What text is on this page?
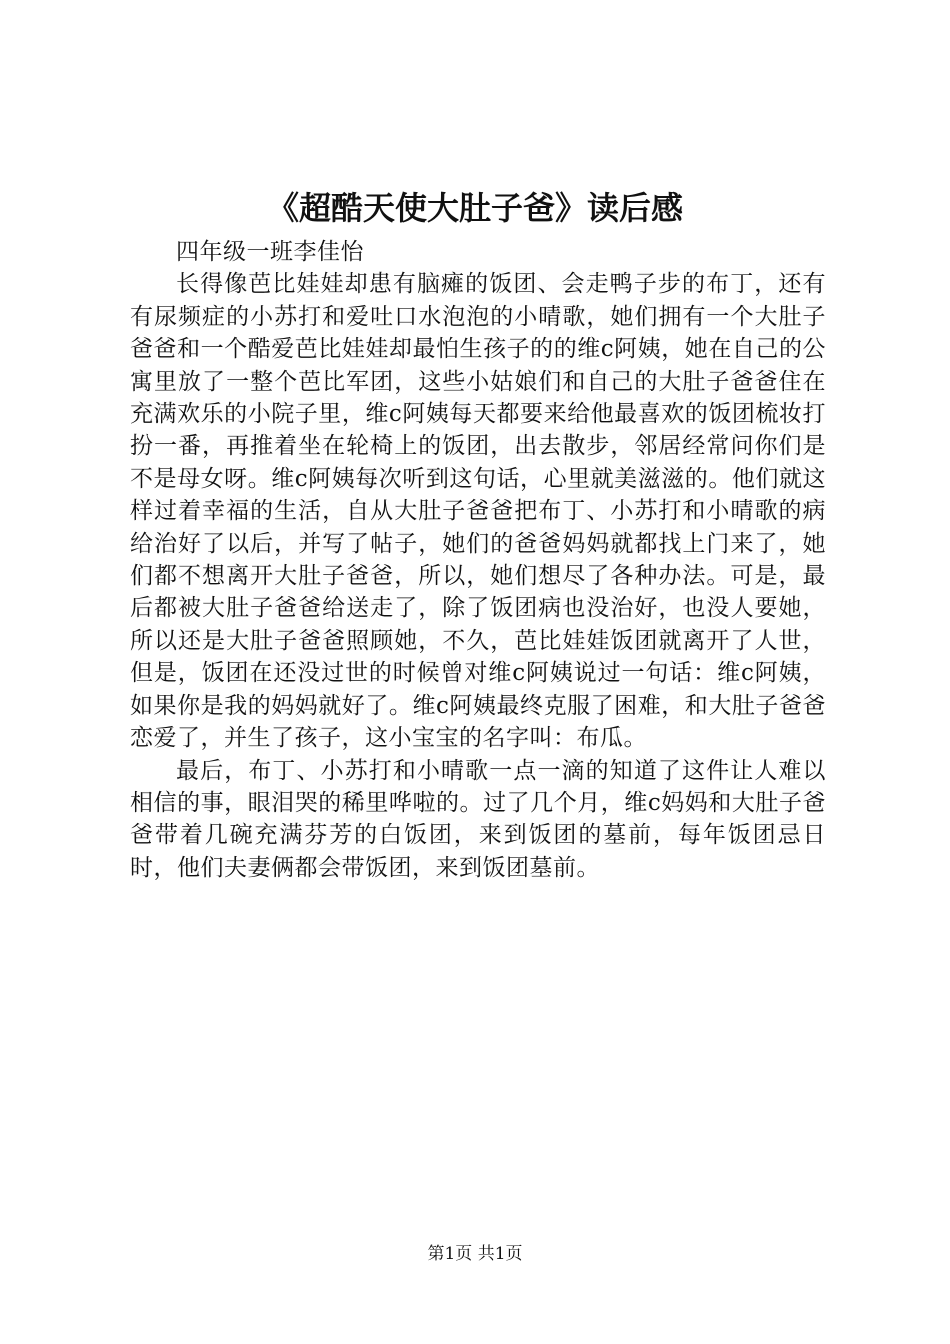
《超酷天使大肚子爸》读后感

四年级一班李佳怡

长得像芭比娃娃却患有脑瘫的饭团、会走鸭子步的布丁，还有有尿频症的小苏打和爱吐口水泡泡的小晴歌，她们拥有一个大肚子爸爸和一个酷爱芭比娃娃却最怕生孩子的的维c阿姨，她在自己的公寓里放了一整个芭比军团，这些小姑娘们和自己的大肚子爸爸住在充满欢乐的小院子里，维c阿姨每天都要来给他最喜欢的饭团梳妆打扮一番，再推着坐在轮椅上的饭团，出去散步，邻居经常问你们是不是母女呀。维c阿姨每次听到这句话，心里就美滋滋的。他们就这样过着幸福的生活，自从大肚子爸爸把布丁、小苏打和小晴歌的病给治好了以后，并写了帖子，她们的爸爸妈妈就都找上门来了，她们都不想离开大肚子爸爸，所以，她们想尽了各种办法。可是，最后都被大肚子爸爸给送走了，除了饭团病也没治好，也没人要她，所以还是大肚子爸爸照顾她，不久，芭比娃娃饭团就离开了人世，但是，饭团在还没过世的时候曾对维c阿姨说过一句话：维c阿姨，如果你是我的妈妈就好了。维c阿姨最终克服了困难，和大肚子爸爸恋爱了，并生了孩子，这小宝宝的名字叫：布瓜。

最后，布丁、小苏打和小晴歌一点一滴的知道了这件让人难以相信的事，眼泪哭的稀里哗啦的。过了几个月，维c妈妈和大肚子爸爸带着几碗充满芬芳的白饭团，来到饭团的墓前，每年饭团忌日时，他们夫妻俩都会带饭团，来到饭团墓前。

第1页 共1页
